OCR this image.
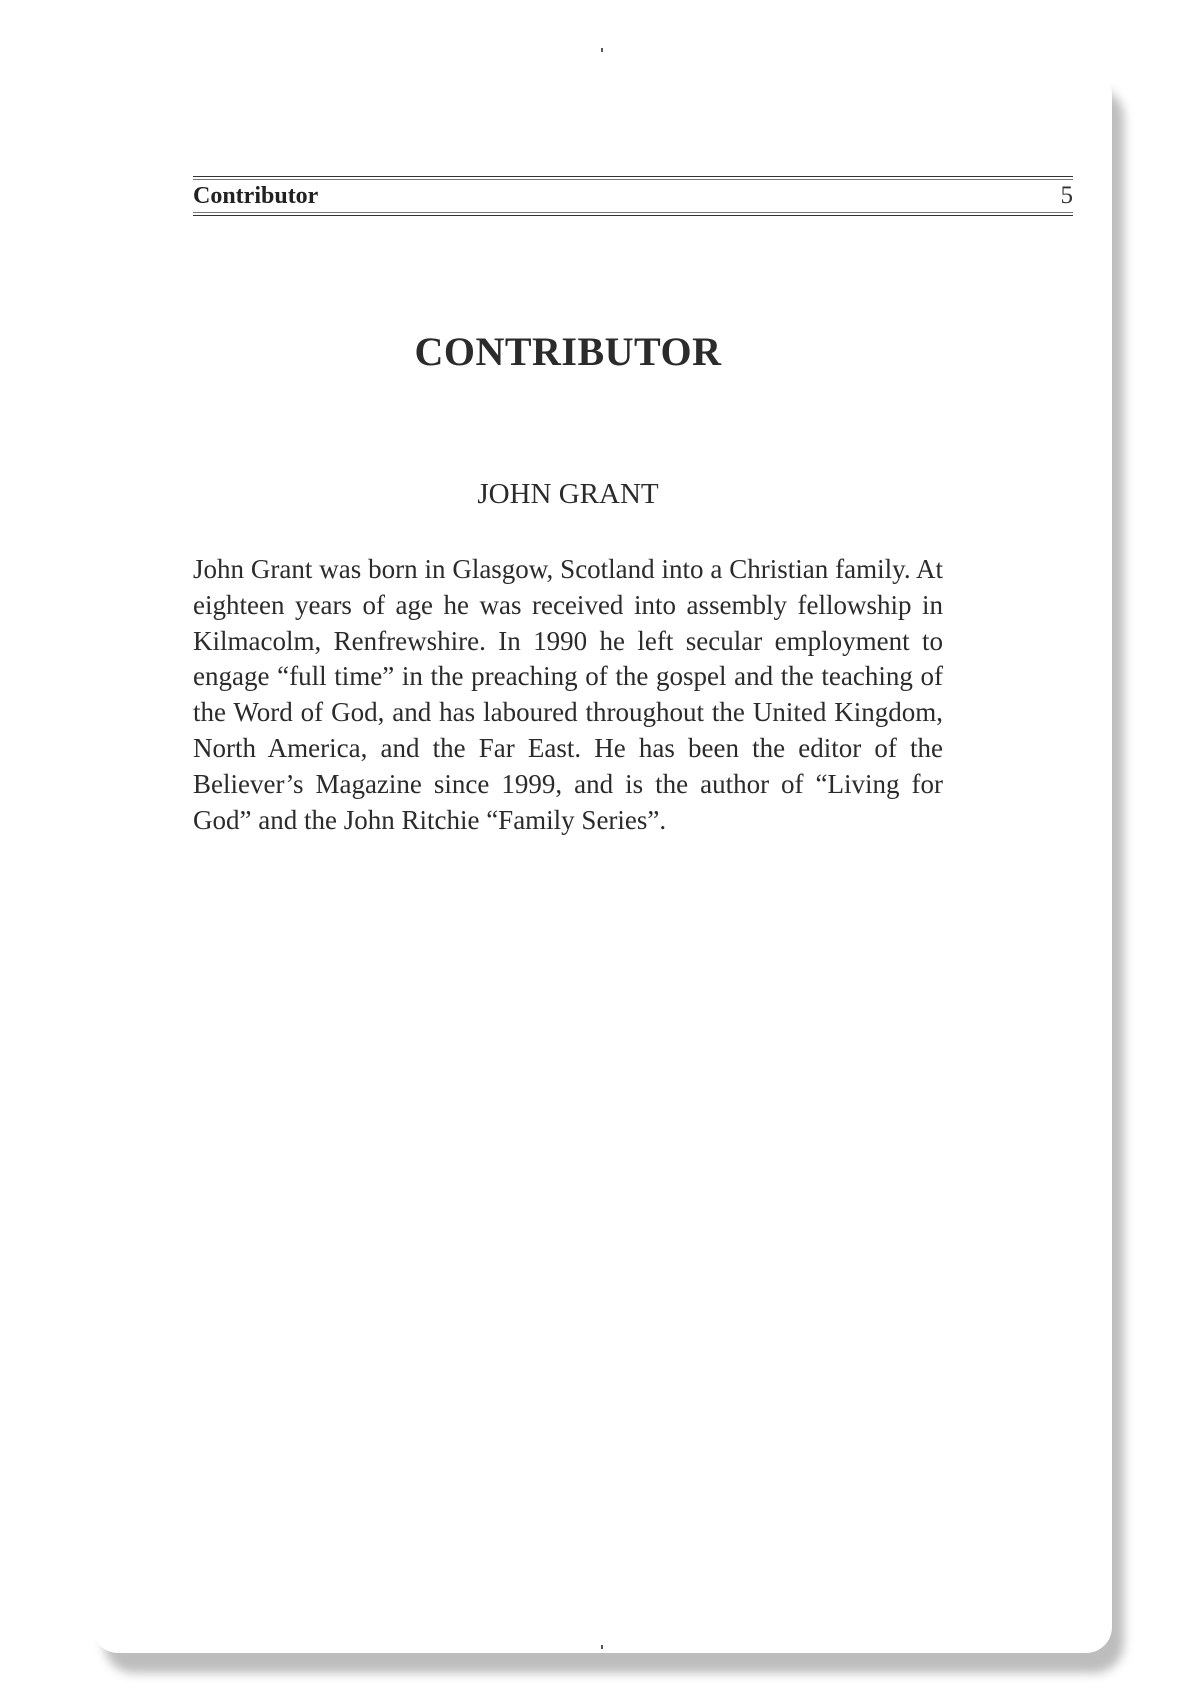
Contributor	5
CONTRIBUTOR
JOHN GRANT

John Grant was born in Glasgow, Scotland into a Christian family. At eighteen years of age he was received into assembly fellowship in Kilmacolm, Renfrewshire. In 1990 he left secular employment to engage “full time” in the preaching of the gospel and the teaching of the Word of God, and has laboured throughout the United Kingdom, North America, and the Far East. He has been the editor of the Believer’s Magazine since 1999, and is the author of “Living for God” and the John Ritchie “Family Series”.
